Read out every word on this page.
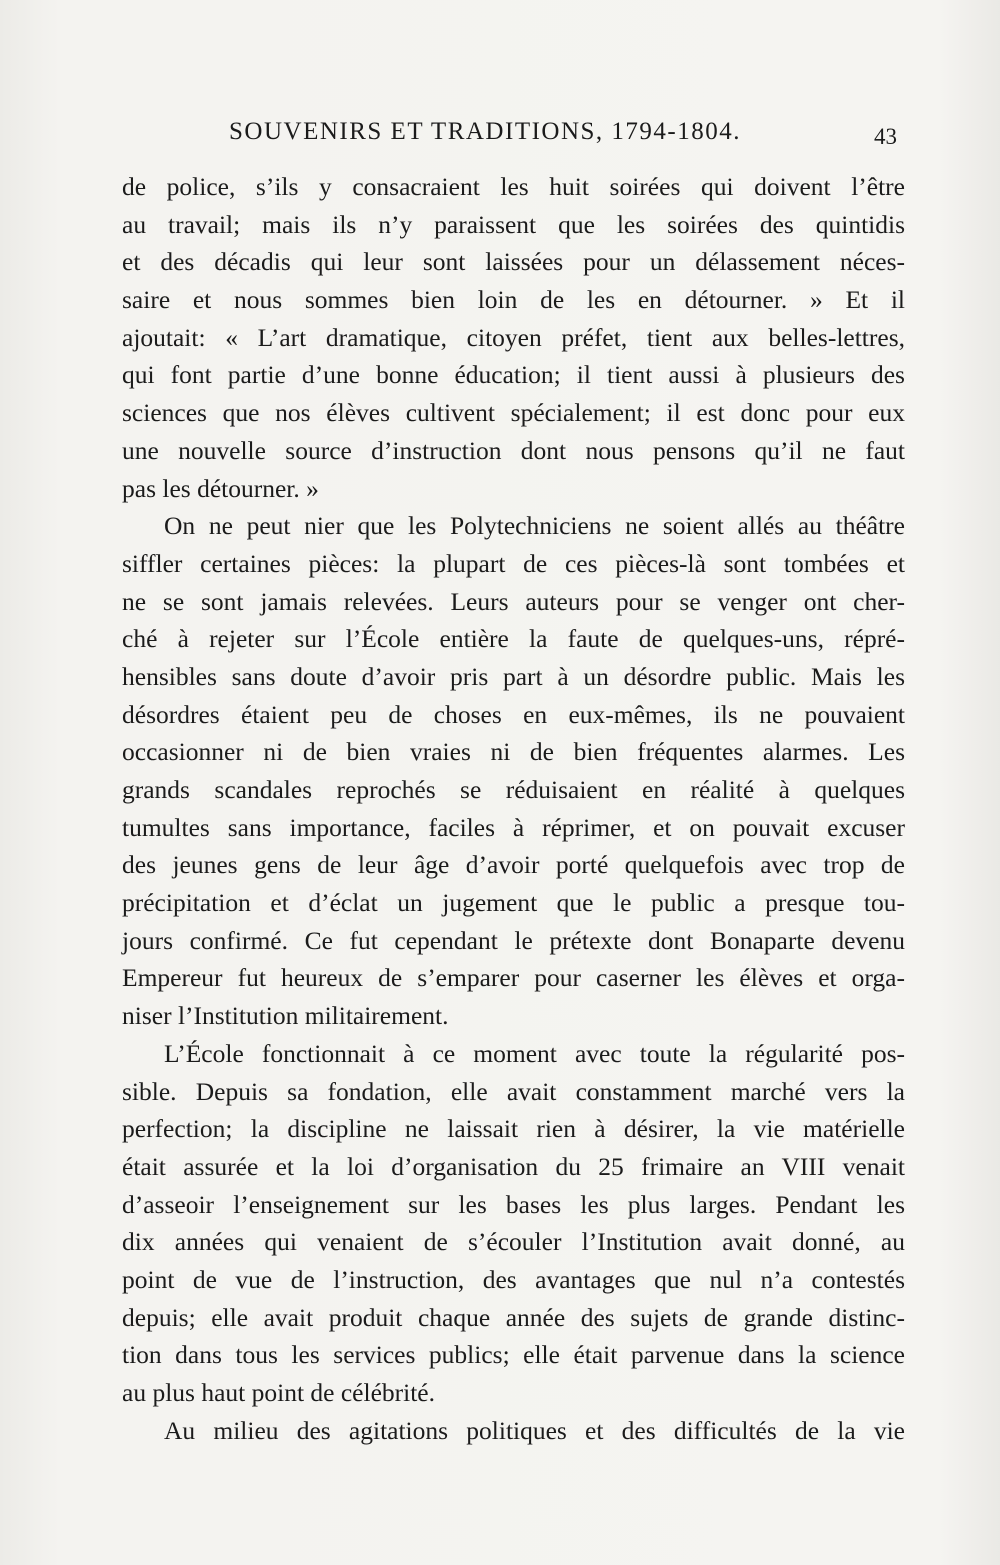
SOUVENIRS ET TRADITIONS, 1794-1804.	43
de police, s’ils y consacraient les huit soirées qui doivent l’être
au travail; mais ils n’y paraissent que les soirées des quintidis
et des décadis qui leur sont laissées pour un délassement néces-
saire et nous sommes bien loin de les en détourner. » Et il
ajoutait: « L’art dramatique, citoyen préfet, tient aux belles-lettres,
qui font partie d’une bonne éducation; il tient aussi à plusieurs des
sciences que nos élèves cultivent spécialement; il est donc pour eux
une nouvelle source d’instruction dont nous pensons qu’il ne faut
pas les détourner. »
On ne peut nier que les Polytechniciens ne soient allés au théâtre
siffler certaines pièces: la plupart de ces pièces-là sont tombées et
ne se sont jamais relevées. Leurs auteurs pour se venger ont cher-
ché à rejeter sur l’École entière la faute de quelques-uns, répré-
hensibles sans doute d’avoir pris part à un désordre public. Mais les
désordres étaient peu de choses en eux-mêmes, ils ne pouvaient
occasionner ni de bien vraies ni de bien fréquentes alarmes. Les
grands scandales reprochés se réduisaient en réalité à quelques
tumultes sans importance, faciles à réprimer, et on pouvait excuser
des jeunes gens de leur âge d’avoir porté quelquefois avec trop de
précipitation et d’éclat un jugement que le public a presque tou-
jours confirmé. Ce fut cependant le prétexte dont Bonaparte devenu
Empereur fut heureux de s’emparer pour caserner les élèves et orga-
niser l’Institution militairement.
L’École fonctionnait à ce moment avec toute la régularité pos-
sible. Depuis sa fondation, elle avait constamment marché vers la
perfection; la discipline ne laissait rien à désirer, la vie matérielle
était assurée et la loi d’organisation du 25 frimaire an VIII venait
d’asseoir l’enseignement sur les bases les plus larges. Pendant les
dix années qui venaient de s’écouler l’Institution avait donné, au
point de vue de l’instruction, des avantages que nul n’a contestés
depuis; elle avait produit chaque année des sujets de grande distinc-
tion dans tous les services publics; elle était parvenue dans la science
au plus haut point de célébrité.
Au milieu des agitations politiques et des difficultés de la vie
